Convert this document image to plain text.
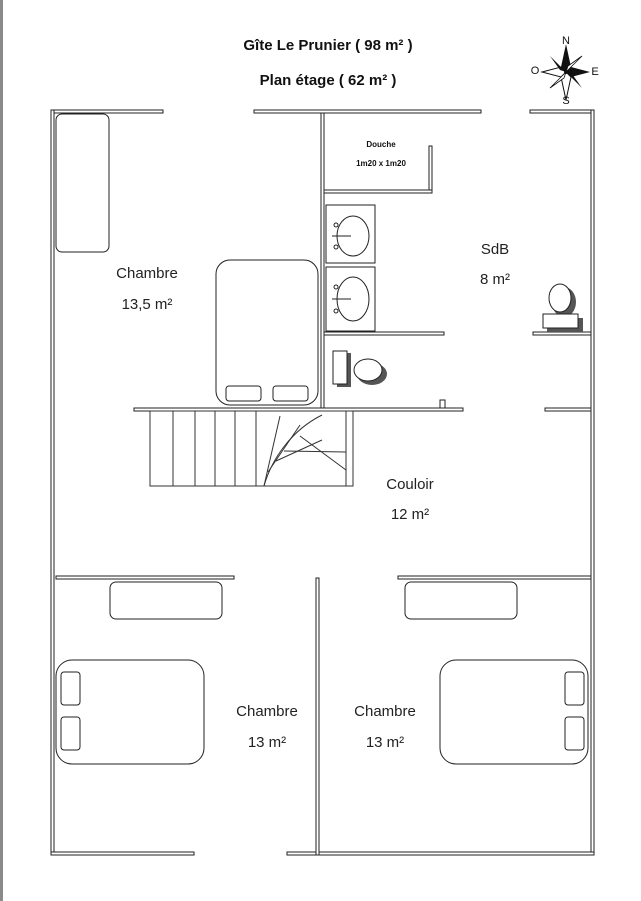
Gîte Le Prunier ( 98 m² )
Plan étage ( 62 m² )
N
S
E
O
Chambre
13,5 m²
Douche
1m20 x 1m20
SdB
8 m²
Couloir
12 m²
Chambre
13 m²
Chambre
13 m²
